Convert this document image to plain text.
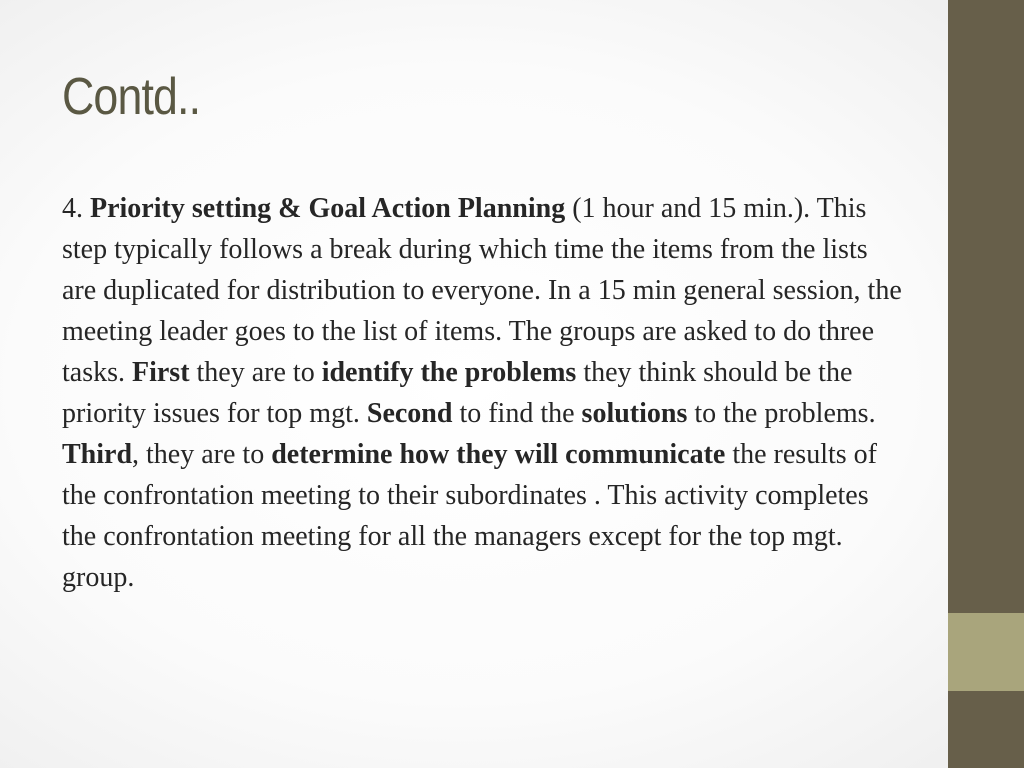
Contd..

4. Priority setting & Goal Action Planning (1 hour and 15 min.). This step typically follows a break during which time the items from the lists are duplicated for distribution to everyone. In a 15 min general session, the meeting leader goes to the list of items. The groups are asked to do three tasks. First they are to identify the problems they think should be the priority issues for top mgt. Second to find the solutions to the problems. Third, they are to determine how they will communicate the results of the confrontation meeting to their subordinates . This activity completes the confrontation meeting for all the managers except for the top mgt. group.
